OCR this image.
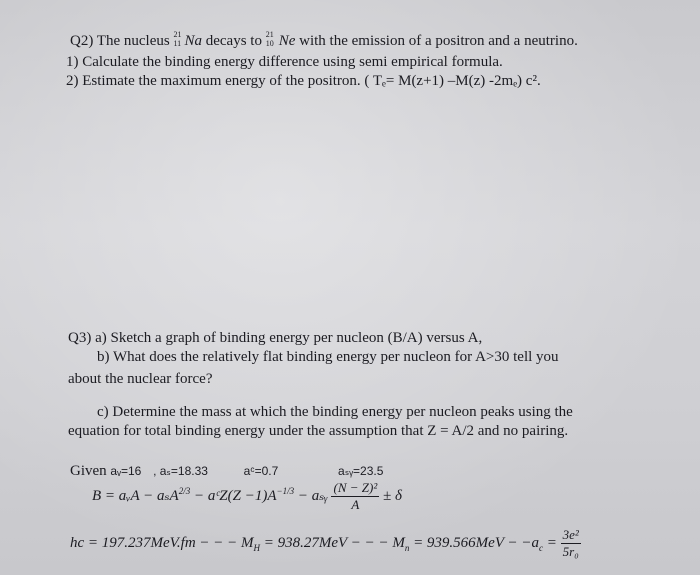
Q2) The nucleus 21
11 Na decays to 21
10 Ne with the emission of a positron and a neutrino.
1) Calculate the binding energy difference using semi empirical formula.
2) Estimate the maximum energy of the positron. ( Tₑ= M(z+1) –M(z) -2mₑ) c².
Q3) a) Sketch a graph of binding energy per nucleon (B/A) versus A,
b) What does the relatively flat binding energy per nucleon for A>30 tell you
about the nuclear force?
c) Determine the mass at which the binding energy per nucleon peaks using the
equation for total binding energy under the assumption that Z = A/2 and no pairing.
Given aᵥ=16 , aₛ=18.33	aᶜ=0.7	aₛᵧ=23.5
B = aᵥA − aₛA$^{2/3}$ − aᶜZ(Z $-1)A^{-1/3}$ − aₛᵧ $\frac{\text{(N − Z)²}}{A} \pm \delta$
hc = 197.237MeV.fm − − − $M_H = 938.27MeV$ − − − $M_n = 939.566MeV - -a_c = \frac{\text{3e²}}{\text{5r₀}}$
